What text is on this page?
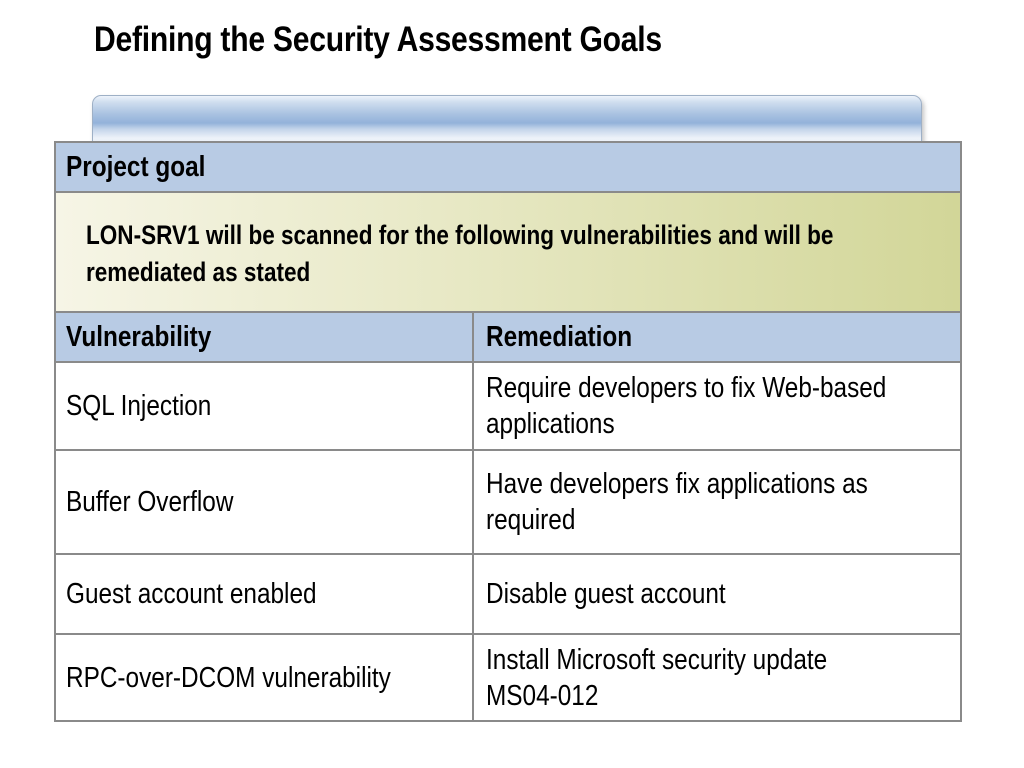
Defining the Security Assessment Goals
Project goal
LON-SRV1 will be scanned for the following vulnerabilities and will be remediated as stated
Vulnerability	Remediation
SQL Injection
Require developers to fix Web-based
applications
Buffer Overflow
Have developers fix applications as
required
Guest account enabled	Disable guest account
RPC-over-DCOM vulnerability
Install Microsoft security update
MS04-012
